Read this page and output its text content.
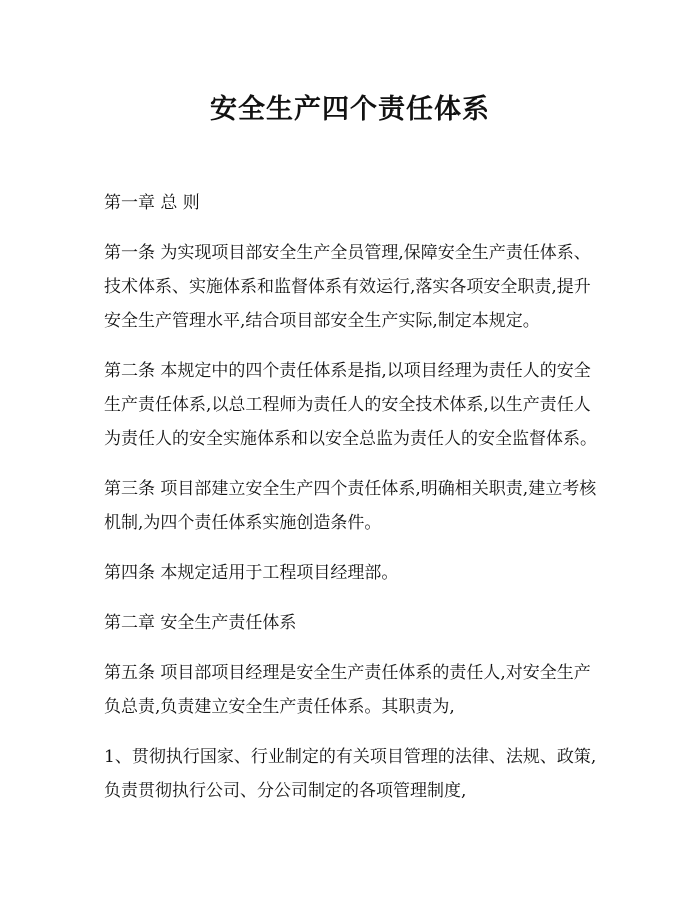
安全生产四个责任体系
第一章 总 则
第一条 为实现项目部安全生产全员管理,保障安全生产责任体系、
技术体系、实施体系和监督体系有效运行,落实各项安全职责,提升
安全生产管理水平,结合项目部安全生产实际,制定本规定。
第二条 本规定中的四个责任体系是指,以项目经理为责任人的安全
生产责任体系,以总工程师为责任人的安全技术体系,以生产责任人
为责任人的安全实施体系和以安全总监为责任人的安全监督体系。
第三条 项目部建立安全生产四个责任体系,明确相关职责,建立考核
机制,为四个责任体系实施创造条件。
第四条 本规定适用于工程项目经理部。
第二章 安全生产责任体系
第五条 项目部项目经理是安全生产责任体系的责任人,对安全生产
负总责,负责建立安全生产责任体系。其职责为,
1、贯彻执行国家、行业制定的有关项目管理的法律、法规、政策,
负责贯彻执行公司、分公司制定的各项管理制度,
